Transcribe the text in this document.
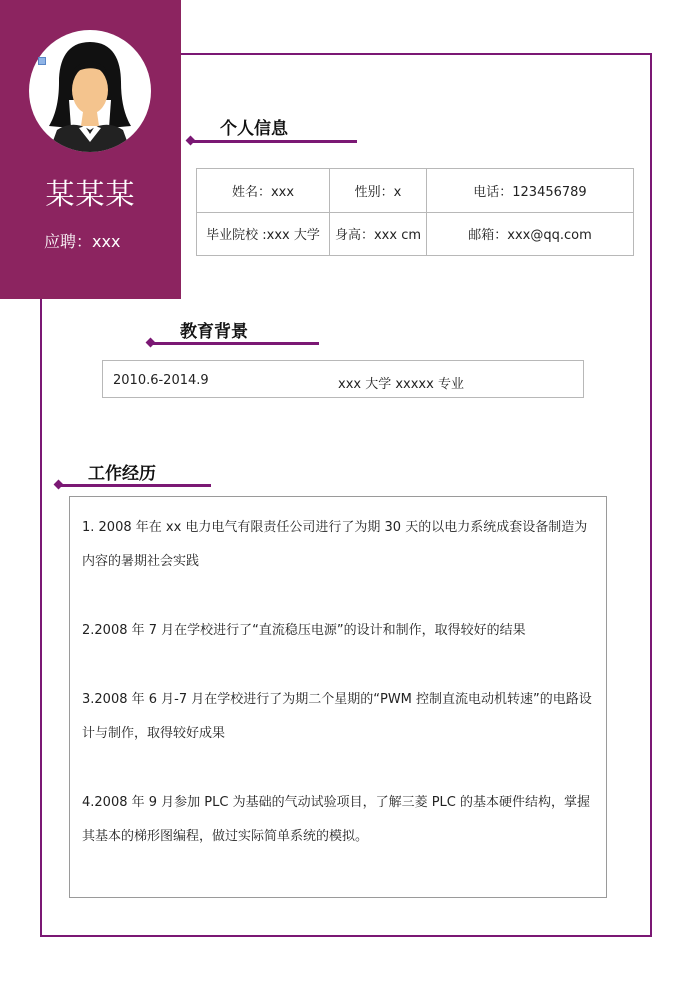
某某某
应聘：xxx
个人信息
姓名：xxx	性别：x	电话：123456789
毕业院校 :xxx 大学	身高：xxx cm	邮箱：xxx@qq.com
教育背景
2010.6-2014.9	xxx 大学 xxxxx 专业
工作经历

1. 2008 年在 xx 电力电气有限责任公司进行了为期 30 天的以电力系统成套设备制造为内容的暑期社会实践

2.2008 年 7 月在学校进行了“直流稳压电源”的设计和制作，取得较好的结果

3.2008 年 6 月-7 月在学校进行了为期二个星期的“PWM 控制直流电动机转速”的电路设计与制作，取得较好成果

4.2008 年 9 月参加 PLC 为基础的气动试验项目，了解三菱 PLC 的基本硬件结构，掌握其基本的梯形图编程，做过实际简单系统的模拟。
